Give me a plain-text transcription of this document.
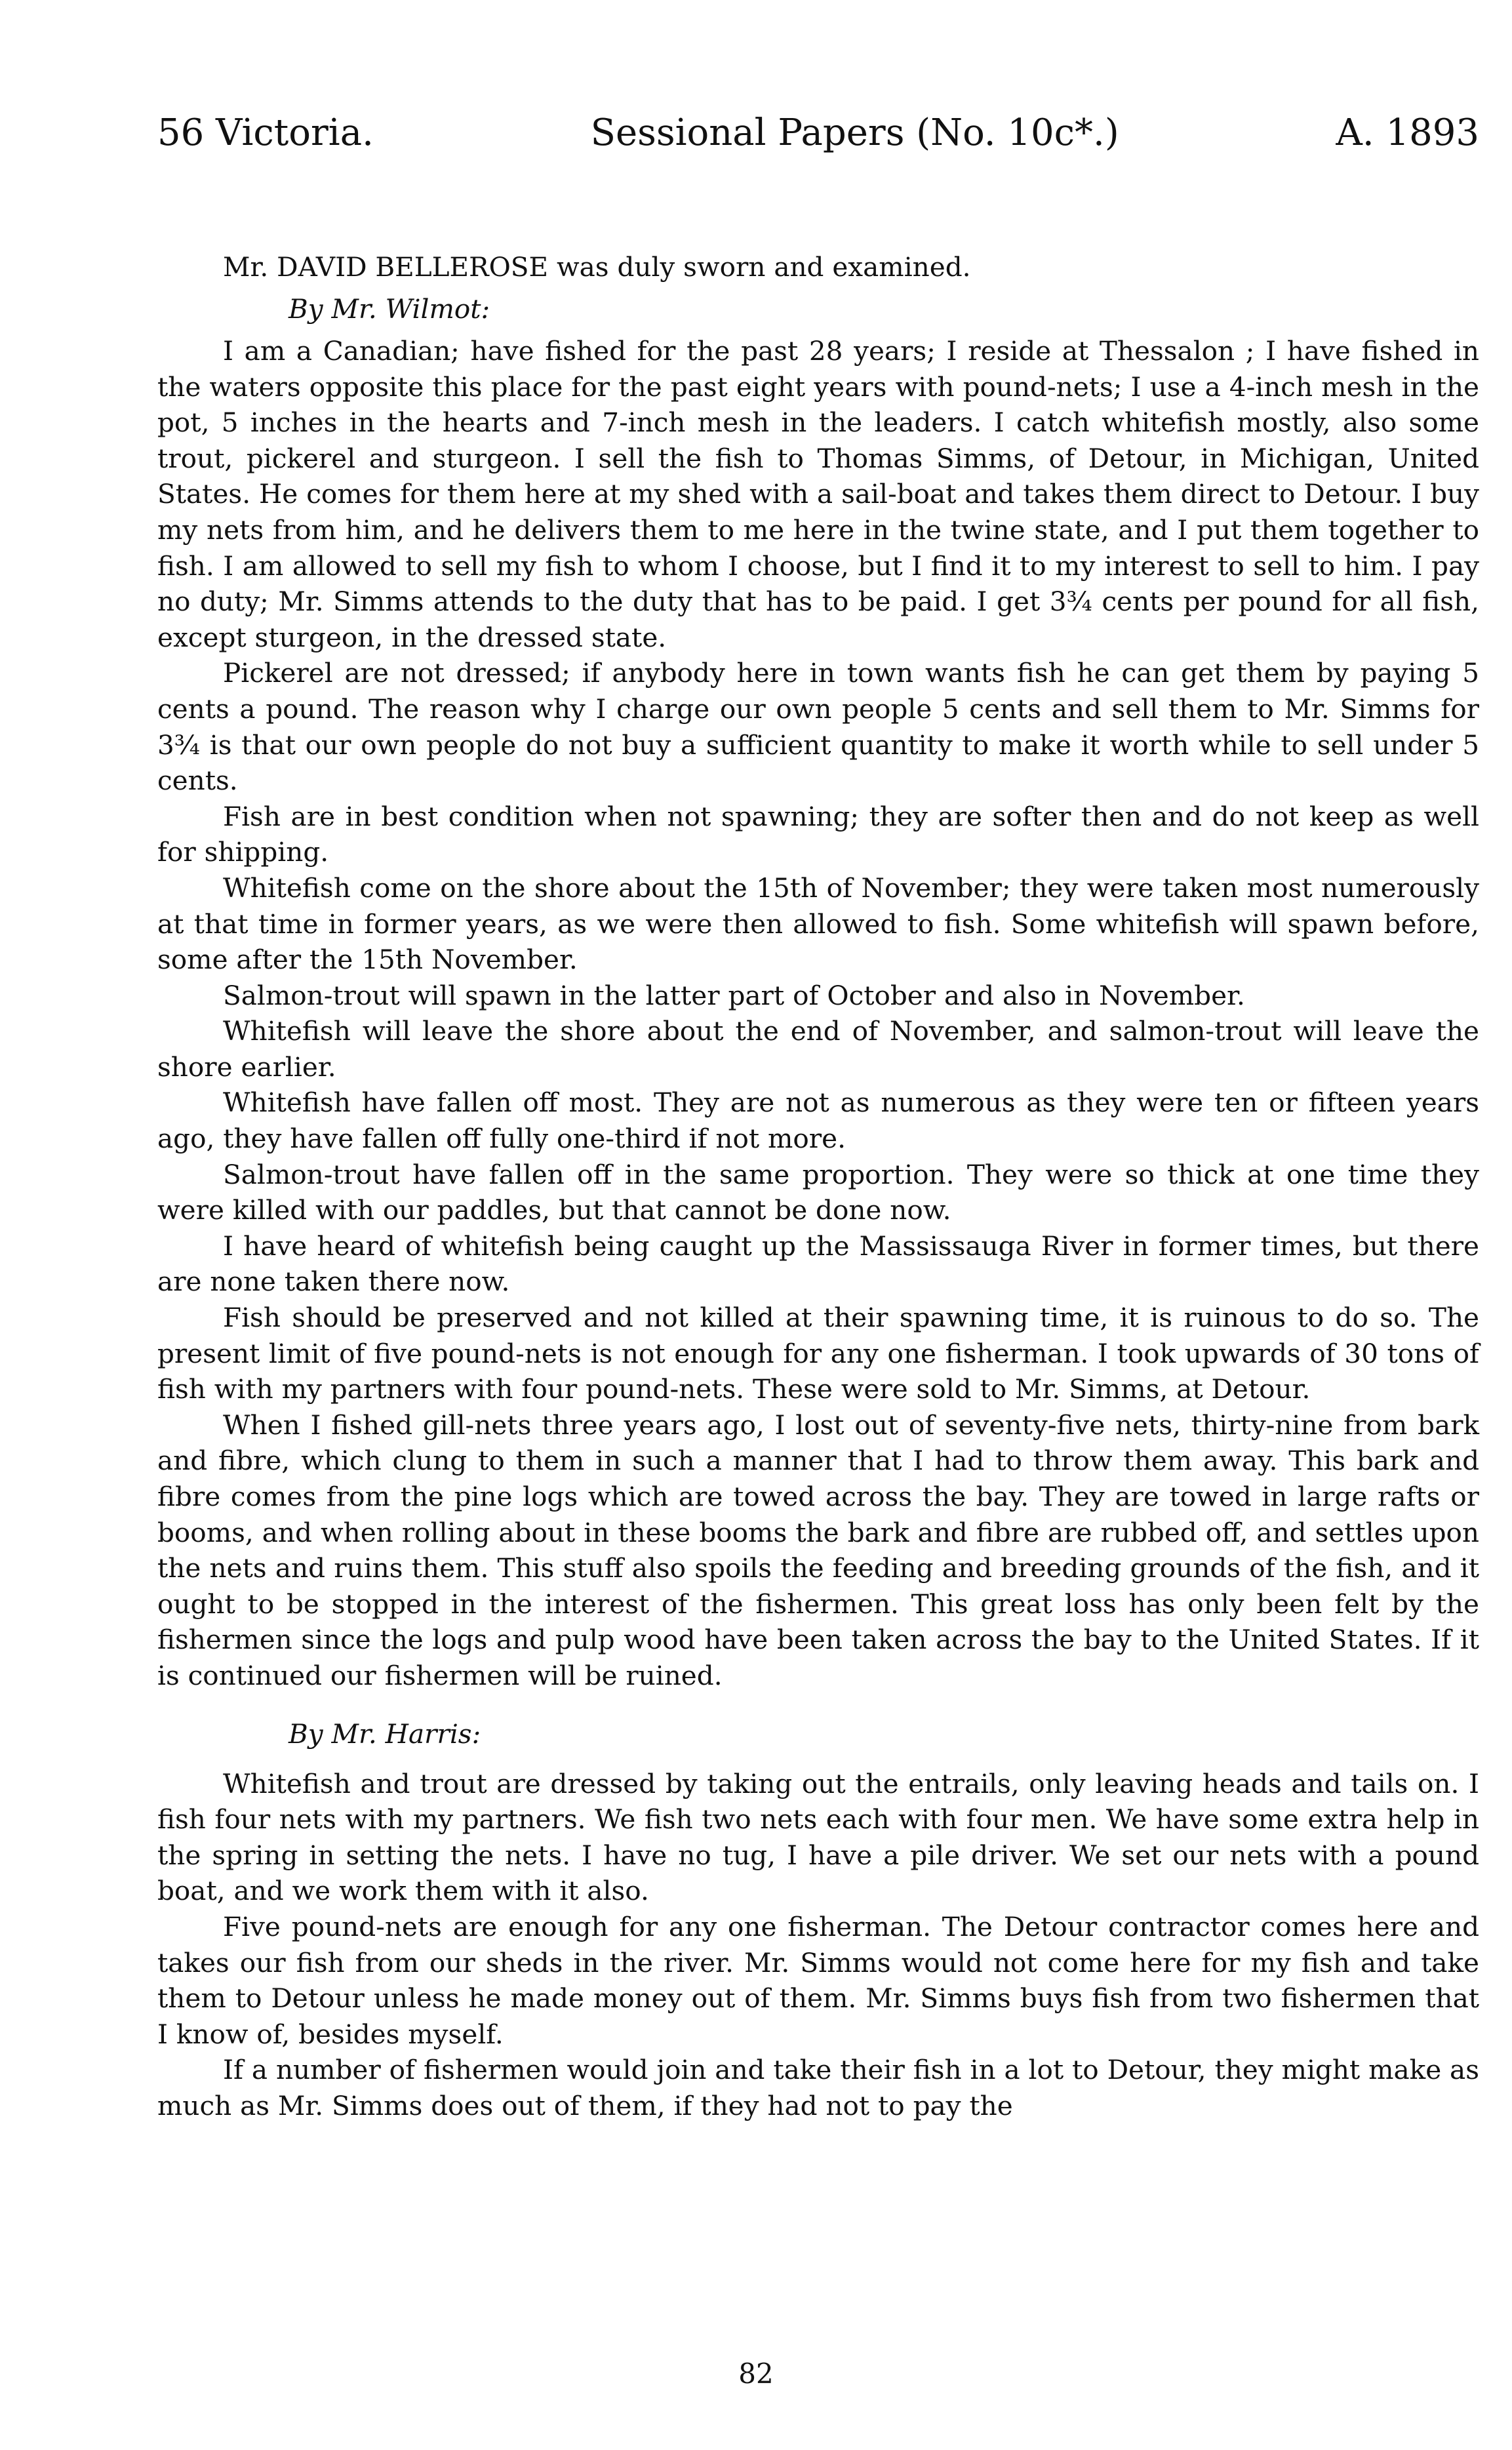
56 Victoria.	Sessional Papers (No. 10c*.)	A. 1893

Mr. DAVID BELLEROSE was duly sworn and examined.

By Mr. Wilmot:

I am a Canadian; have fished for the past 28 years; I reside at Thessalon ; I have fished in the waters opposite this place for the past eight years with pound-nets; I use a 4-inch mesh in the pot, 5 inches in the hearts and 7-inch mesh in the leaders. I catch whitefish mostly, also some trout, pickerel and sturgeon. I sell the fish to Thomas Simms, of Detour, in Michigan, United States. He comes for them here at my shed with a sail-boat and takes them direct to Detour. I buy my nets from him, and he delivers them to me here in the twine state, and I put them together to fish. I am allowed to sell my fish to whom I choose, but I find it to my interest to sell to him. I pay no duty; Mr. Simms attends to the duty that has to be paid. I get 3¾ cents per pound for all fish, except sturgeon, in the dressed state.

Pickerel are not dressed; if anybody here in town wants fish he can get them by paying 5 cents a pound. The reason why I charge our own people 5 cents and sell them to Mr. Simms for 3¾ is that our own people do not buy a sufficient quantity to make it worth while to sell under 5 cents.

Fish are in best condition when not spawning; they are softer then and do not keep as well for shipping.

Whitefish come on the shore about the 15th of November; they were taken most numerously at that time in former years, as we were then allowed to fish. Some whitefish will spawn before, some after the 15th November.

Salmon-trout will spawn in the latter part of October and also in November.

Whitefish will leave the shore about the end of November, and salmon-trout will leave the shore earlier.

Whitefish have fallen off most. They are not as numerous as they were ten or fifteen years ago, they have fallen off fully one-third if not more.

Salmon-trout have fallen off in the same proportion. They were so thick at one time they were killed with our paddles, but that cannot be done now.

I have heard of whitefish being caught up the Massissauga River in former times, but there are none taken there now.

Fish should be preserved and not killed at their spawning time, it is ruinous to do so. The present limit of five pound-nets is not enough for any one fisherman. I took upwards of 30 tons of fish with my partners with four pound-nets. These were sold to Mr. Simms, at Detour.

When I fished gill-nets three years ago, I lost out of seventy-five nets, thirty-nine from bark and fibre, which clung to them in such a manner that I had to throw them away. This bark and fibre comes from the pine logs which are towed across the bay. They are towed in large rafts or booms, and when rolling about in these booms the bark and fibre are rubbed off, and settles upon the nets and ruins them. This stuff also spoils the feeding and breeding grounds of the fish, and it ought to be stopped in the interest of the fishermen. This great loss has only been felt by the fishermen since the logs and pulp wood have been taken across the bay to the United States. If it is continued our fishermen will be ruined.

By Mr. Harris:

Whitefish and trout are dressed by taking out the entrails, only leaving heads and tails on. I fish four nets with my partners. We fish two nets each with four men. We have some extra help in the spring in setting the nets. I have no tug, I have a pile driver. We set our nets with a pound boat, and we work them with it also.

Five pound-nets are enough for any one fisherman. The Detour contractor comes here and takes our fish from our sheds in the river. Mr. Simms would not come here for my fish and take them to Detour unless he made money out of them. Mr. Simms buys fish from two fishermen that I know of, besides myself.

If a number of fishermen would join and take their fish in a lot to Detour, they might make as much as Mr. Simms does out of them, if they had not to pay the

82
